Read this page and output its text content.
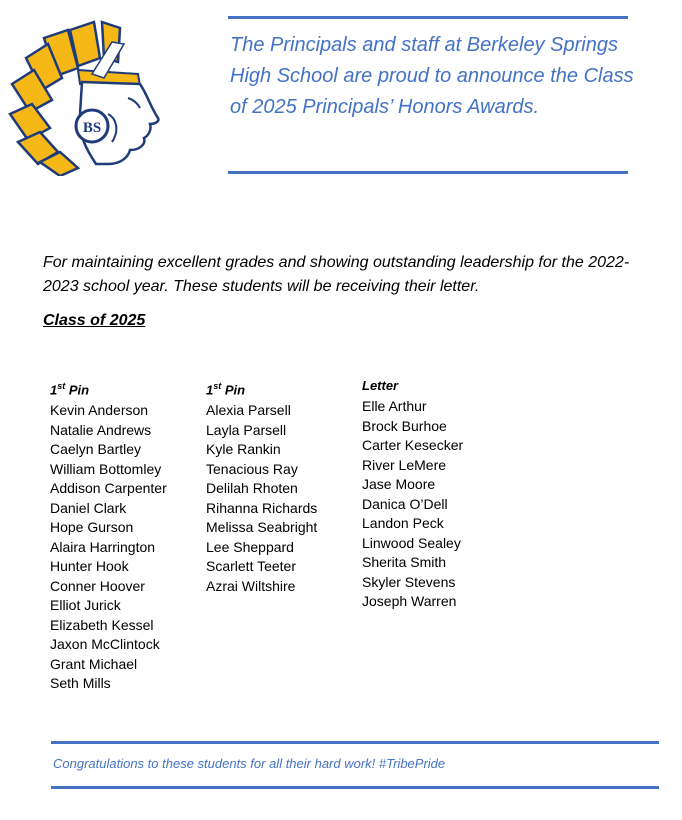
BS
The Principals and staff at Berkeley Springs High School are proud to announce the Class of 2025 Principals’ Honors Awards.
For maintaining excellent grades and showing outstanding leadership for the 2022-2023 school year. These students will be receiving their letter.
Class of 2025
1st Pin
Kevin Anderson
Natalie Andrews
Caelyn Bartley
William Bottomley
Addison Carpenter
Daniel Clark
Hope Gurson
Alaira Harrington
Hunter Hook
Conner Hoover
Elliot Jurick
Elizabeth Kessel
Jaxon McClintock
Grant Michael
Seth Mills
1st Pin
Alexia Parsell
Layla Parsell
Kyle Rankin
Tenacious Ray
Delilah Rhoten
Rihanna Richards
Melissa Seabright
Lee Sheppard
Scarlett Teeter
Azrai Wiltshire
Letter
Elle Arthur
Brock Burhoe
Carter Kesecker
River LeMere
Jase Moore
Danica O’Dell
Landon Peck
Linwood Sealey
Sherita Smith
Skyler Stevens
Joseph Warren
Congratulations to these students for all their hard work! #TribePride
